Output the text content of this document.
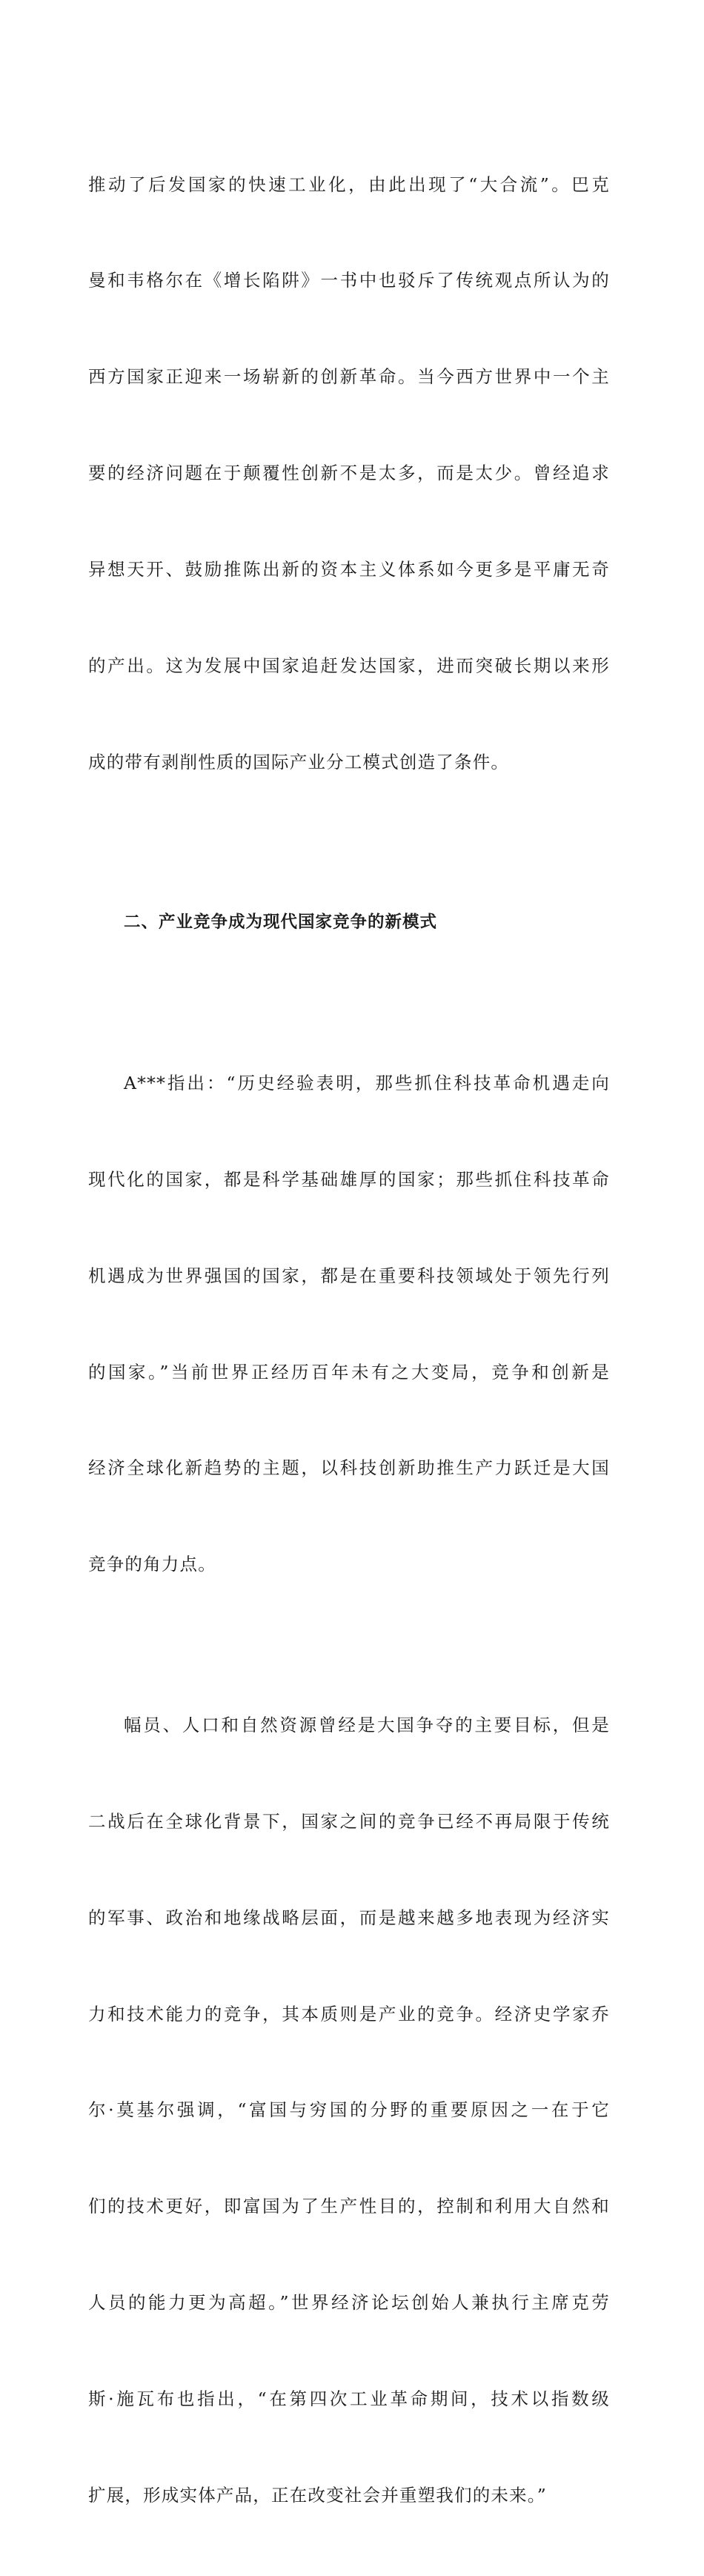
推动了后发国家的快速工业化，由此出现了“大合流”。巴克

曼和韦格尔在《增长陷阱》一书中也驳斥了传统观点所认为的

西方国家正迎来一场崭新的创新革命。当今西方世界中一个主

要的经济问题在于颠覆性创新不是太多，而是太少。曾经追求

异想天开、鼓励推陈出新的资本主义体系如今更多是平庸无奇

的产出。这为发展中国家追赶发达国家，进而突破长期以来形

成的带有剥削性质的国际产业分工模式创造了条件。

二、产业竞争成为现代国家竞争的新模式

A***指出：“历史经验表明，那些抓住科技革命机遇走向

现代化的国家，都是科学基础雄厚的国家；那些抓住科技革命

机遇成为世界强国的国家，都是在重要科技领域处于领先行列

的国家。”当前世界正经历百年未有之大变局，竞争和创新是

经济全球化新趋势的主题，以科技创新助推生产力跃迁是大国

竞争的角力点。

幅员、人口和自然资源曾经是大国争夺的主要目标，但是

二战后在全球化背景下，国家之间的竞争已经不再局限于传统

的军事、政治和地缘战略层面，而是越来越多地表现为经济实

力和技术能力的竞争，其本质则是产业的竞争。经济史学家乔

尔·莫基尔强调，“富国与穷国的分野的重要原因之一在于它

们的技术更好，即富国为了生产性目的，控制和利用大自然和

人员的能力更为高超。”世界经济论坛创始人兼执行主席克劳

斯·施瓦布也指出，“在第四次工业革命期间，技术以指数级

扩展，形成实体产品，正在改变社会并重塑我们的未来。”
